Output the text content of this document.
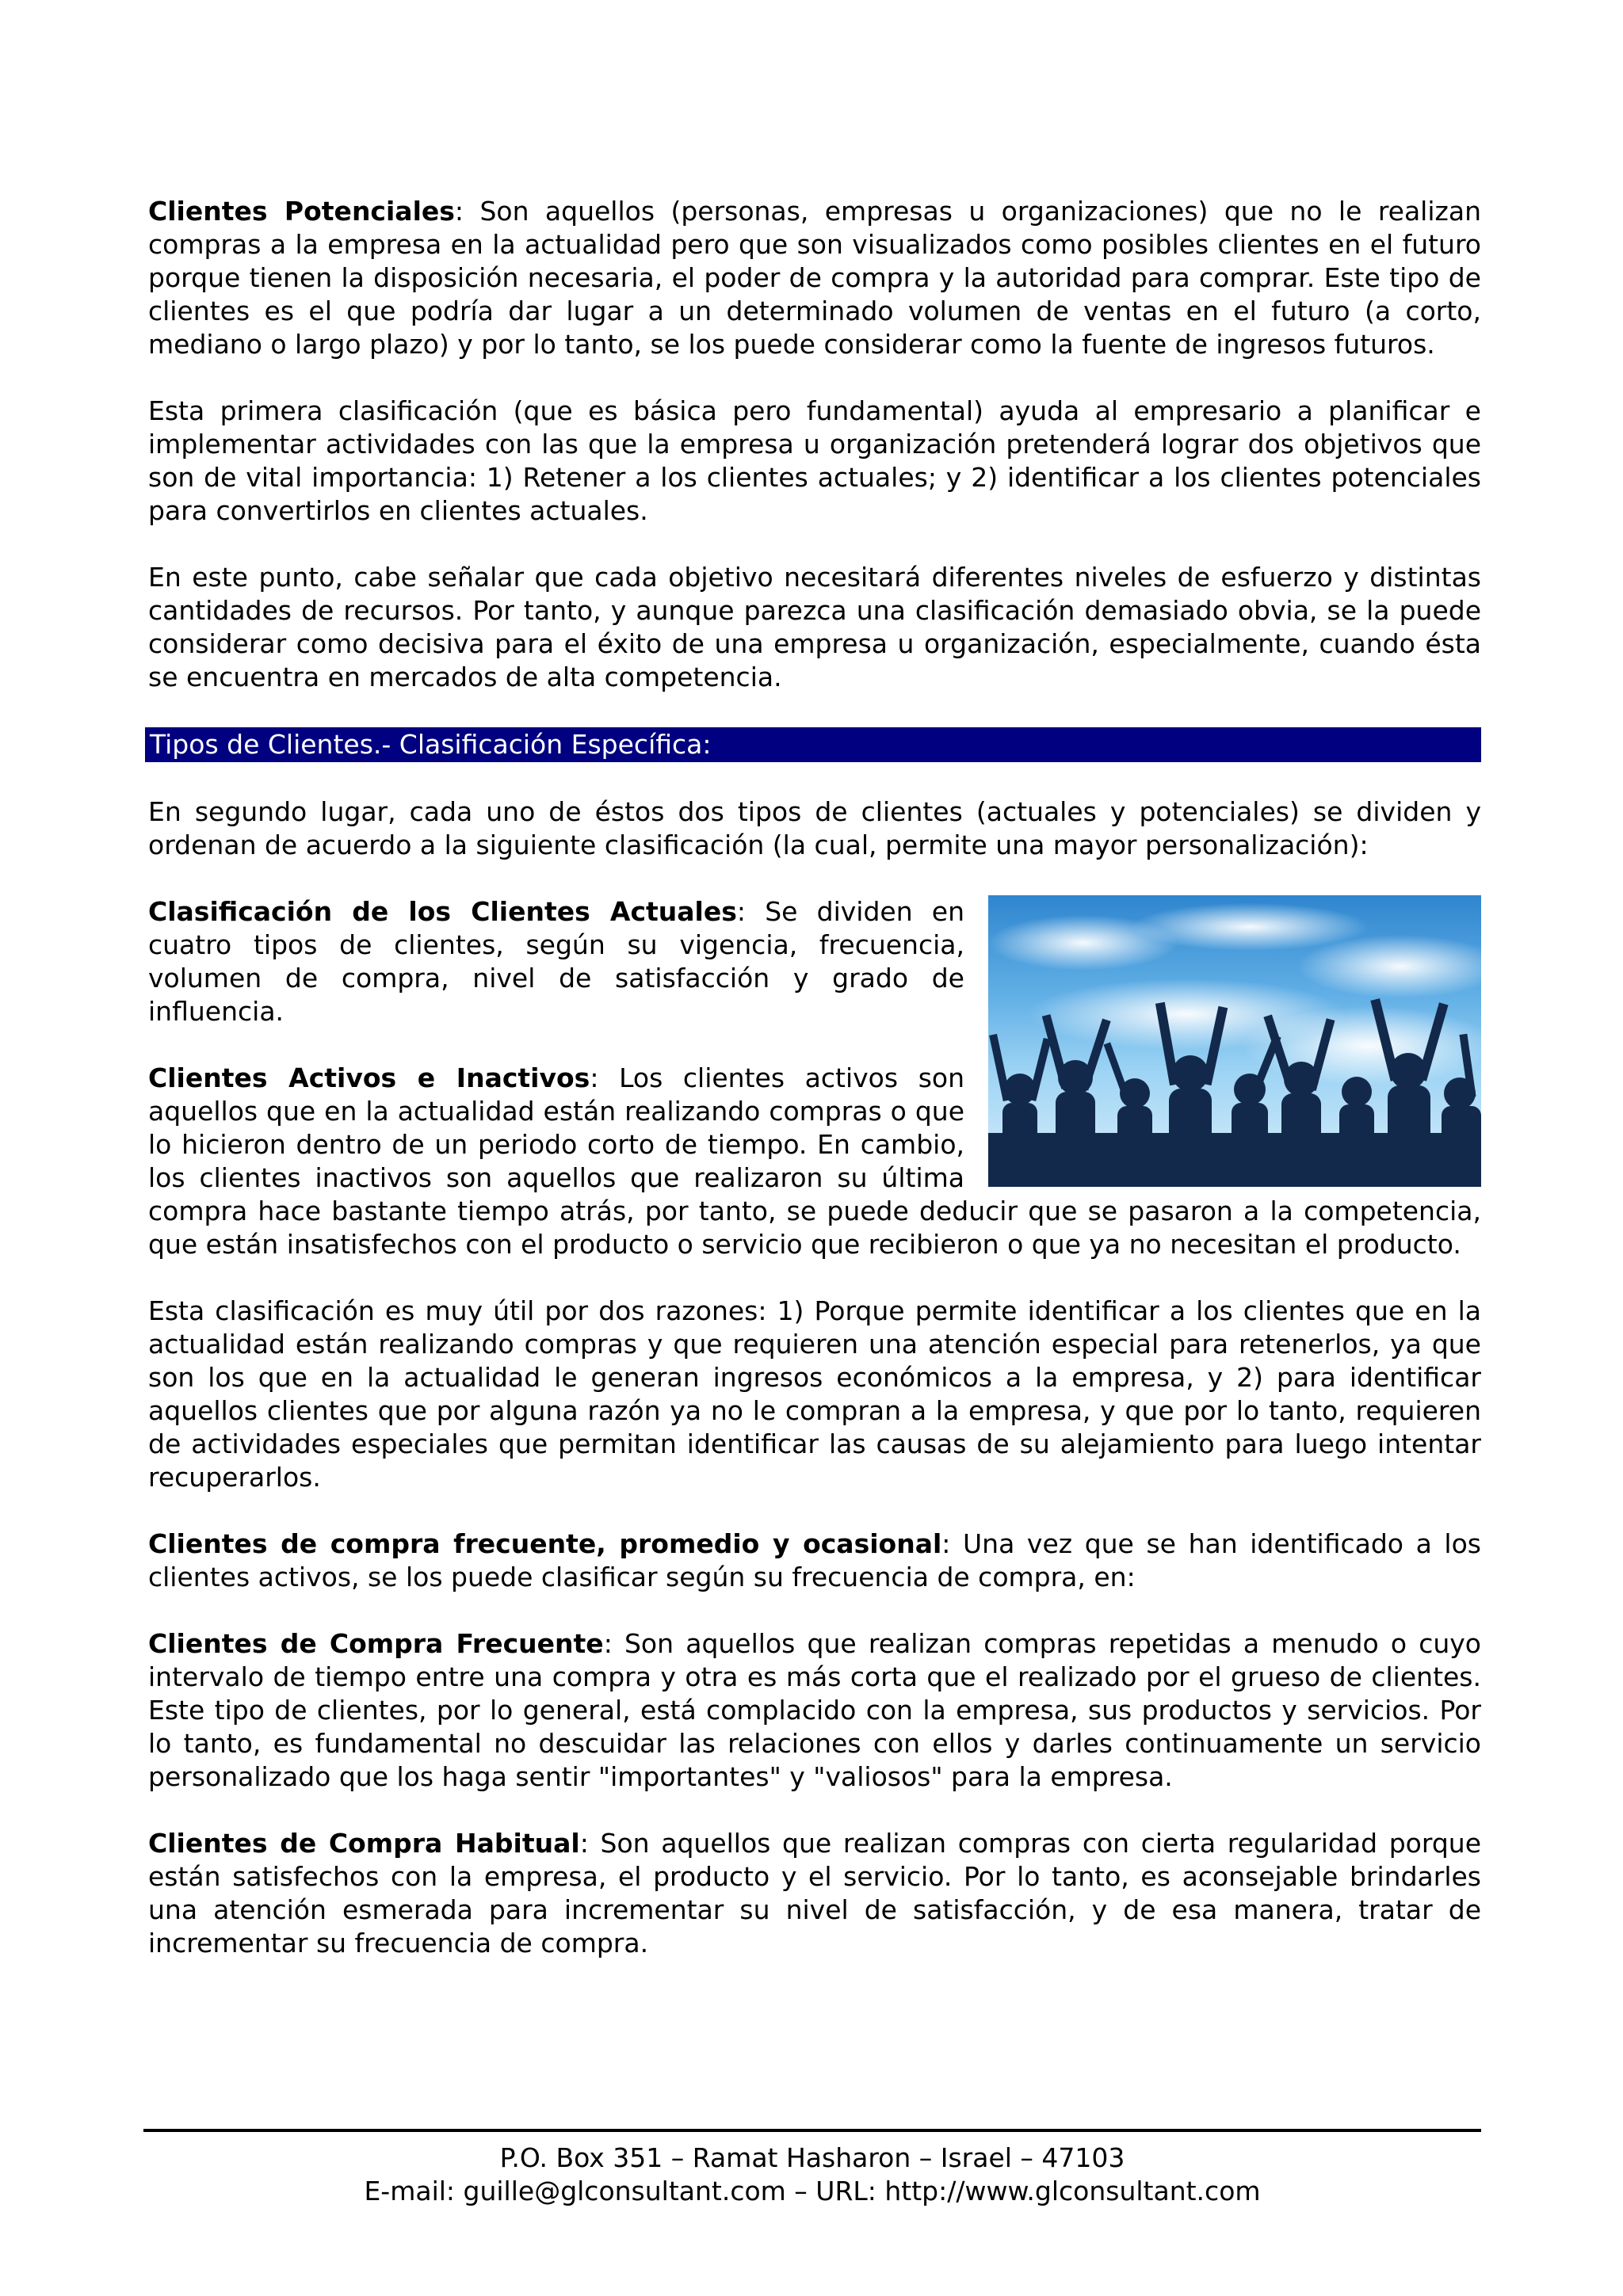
Clientes Potenciales: Son aquellos (personas, empresas u organizaciones) que no le realizan compras a la empresa en la actualidad pero que son visualizados como posibles clientes en el futuro porque tienen la disposición necesaria, el poder de compra y la autoridad para comprar. Este tipo de clientes es el que podría dar lugar a un determinado volumen de ventas en el futuro (a corto, mediano o largo plazo) y por lo tanto, se los puede considerar como la fuente de ingresos futuros.

Esta primera clasificación (que es básica pero fundamental) ayuda al empresario a planificar e implementar actividades con las que la empresa u organización pretenderá lograr dos objetivos que son de vital importancia: 1) Retener a los clientes actuales; y 2) identificar a los clientes potenciales para convertirlos en clientes actuales.

En este punto, cabe señalar que cada objetivo necesitará diferentes niveles de esfuerzo y distintas cantidades de recursos. Por tanto, y aunque parezca una clasificación demasiado obvia, se la puede considerar como decisiva para el éxito de una empresa u organización, especialmente, cuando ésta se encuentra en mercados de alta competencia.

Tipos de Clientes.- Clasificación Específica:

En segundo lugar, cada uno de éstos dos tipos de clientes (actuales y potenciales) se dividen y ordenan de acuerdo a la siguiente clasificación (la cual, permite una mayor personalización):

Clasificación de los Clientes Actuales: Se dividen en cuatro tipos de clientes, según su vigencia, frecuencia, volumen de compra, nivel de satisfacción y grado de influencia.

Clientes Activos e Inactivos: Los clientes activos son aquellos que en la actualidad están realizando compras o que lo hicieron dentro de un periodo corto de tiempo. En cambio, los clientes inactivos son aquellos que realizaron su última compra hace bastante tiempo atrás, por tanto, se puede deducir que se pasaron a la competencia, que están insatisfechos con el producto o servicio que recibieron o que ya no necesitan el producto.

Esta clasificación es muy útil por dos razones: 1) Porque permite identificar a los clientes que en la actualidad están realizando compras y que requieren una atención especial para retenerlos, ya que son los que en la actualidad le generan ingresos económicos a la empresa, y 2) para identificar aquellos clientes que por alguna razón ya no le compran a la empresa, y que por lo tanto, requieren de actividades especiales que permitan identificar las causas de su alejamiento para luego intentar recuperarlos.

Clientes de compra frecuente, promedio y ocasional: Una vez que se han identificado a los clientes activos, se los puede clasificar según su frecuencia de compra, en:

Clientes de Compra Frecuente: Son aquellos que realizan compras repetidas a menudo o cuyo intervalo de tiempo entre una compra y otra es más corta que el realizado por el grueso de clientes. Este tipo de clientes, por lo general, está complacido con la empresa, sus productos y servicios. Por lo tanto, es fundamental no descuidar las relaciones con ellos y darles continuamente un servicio personalizado que los haga sentir "importantes" y "valiosos" para la empresa.

Clientes de Compra Habitual: Son aquellos que realizan compras con cierta regularidad porque están satisfechos con la empresa, el producto y el servicio. Por lo tanto, es aconsejable brindarles una atención esmerada para incrementar su nivel de satisfacción, y de esa manera, tratar de incrementar su frecuencia de compra.

P.O. Box 351 – Ramat Hasharon – Israel – 47103
E-mail: guille@glconsultant.com – URL: http://www.glconsultant.com
